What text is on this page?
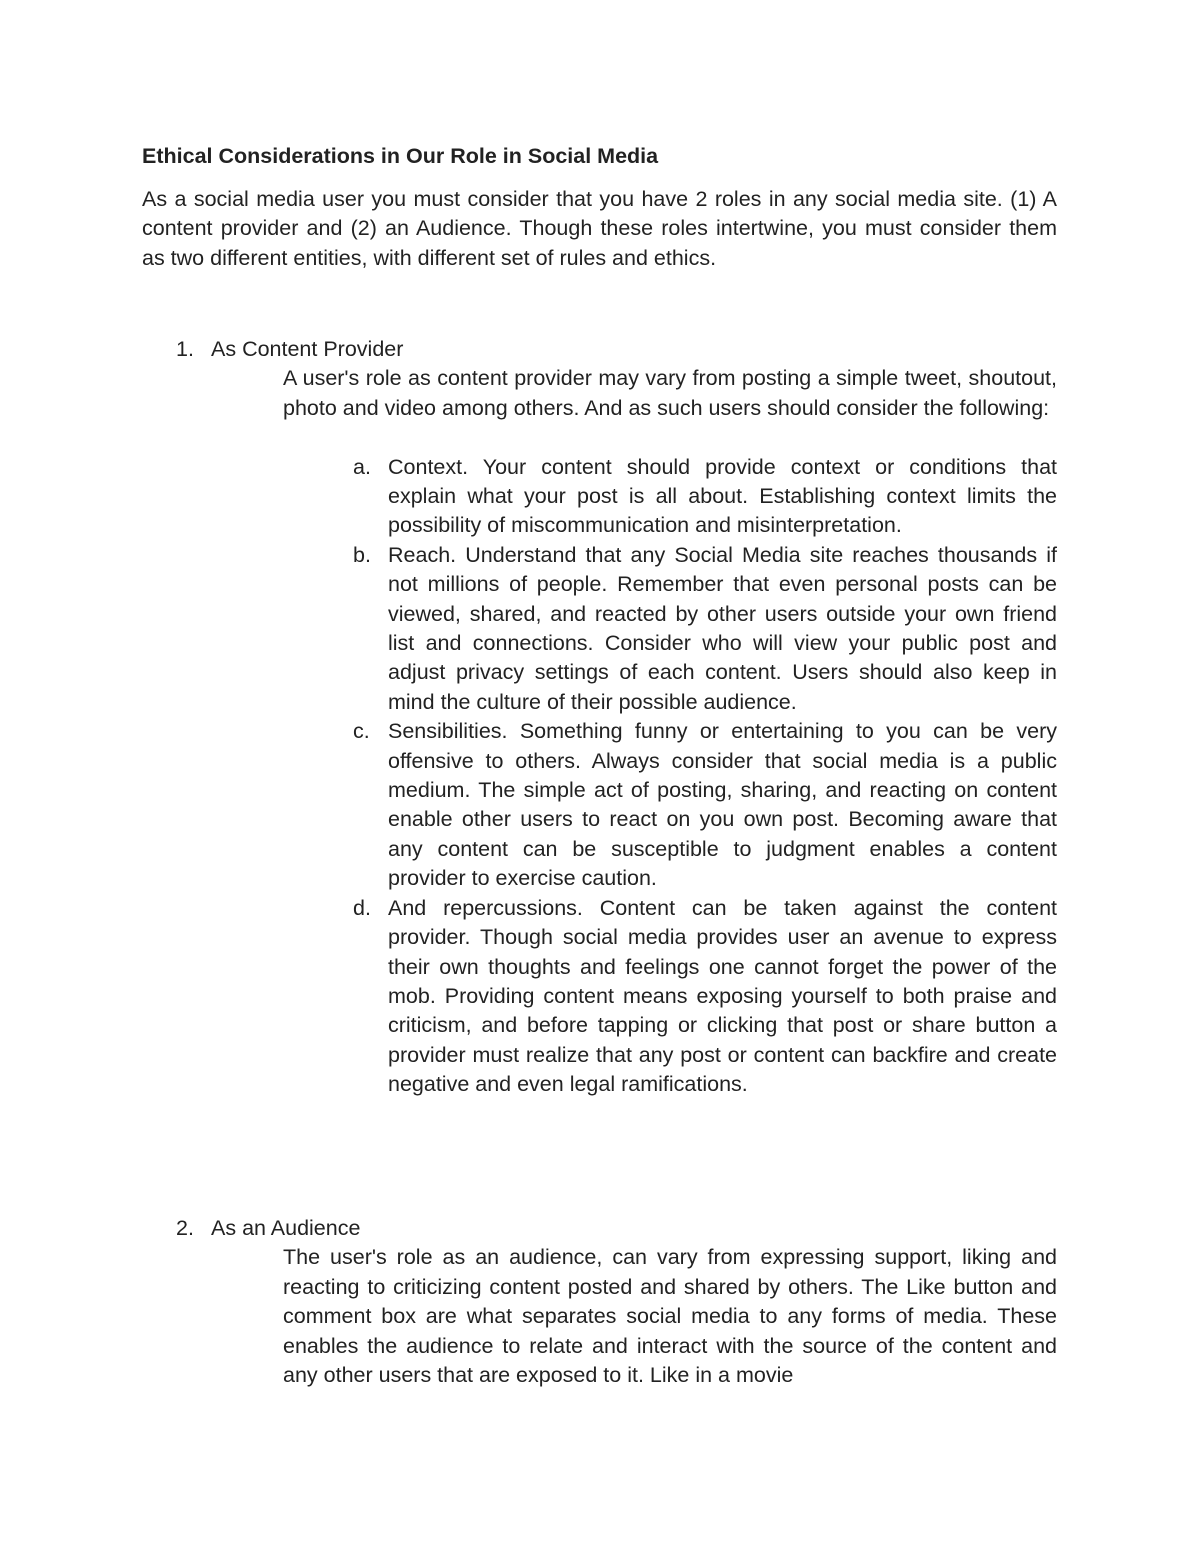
Ethical Considerations in Our Role in Social Media

As a social media user you must consider that you have 2 roles in any social media site. (1) A content provider and (2) an Audience. Though these roles intertwine, you must consider them as two different entities, with different set of rules and ethics.

1. As Content Provider

A user's role as content provider may vary from posting a simple tweet, shoutout, photo and video among others. And as such users should consider the following:

a. Context. Your content should provide context or conditions that explain what your post is all about. Establishing context limits the possibility of miscommunication and misinterpretation.

b. Reach. Understand that any Social Media site reaches thousands if not millions of people. Remember that even personal posts can be viewed, shared, and reacted by other users outside your own friend list and connections. Consider who will view your public post and adjust privacy settings of each content. Users should also keep in mind the culture of their possible audience.

c. Sensibilities. Something funny or entertaining to you can be very offensive to others. Always consider that social media is a public medium. The simple act of posting, sharing, and reacting on content enable other users to react on you own post. Becoming aware that any content can be susceptible to judgment enables a content provider to exercise caution.

d. And repercussions. Content can be taken against the content provider. Though social media provides user an avenue to express their own thoughts and feelings one cannot forget the power of the mob. Providing content means exposing yourself to both praise and criticism, and before tapping or clicking that post or share button a provider must realize that any post or content can backfire and create negative and even legal ramifications.

2. As an Audience

The user's role as an audience, can vary from expressing support, liking and reacting to criticizing content posted and shared by others. The Like button and comment box are what separates social media to any forms of media. These enables the audience to relate and interact with the source of the content and any other users that are exposed to it. Like in a movie
